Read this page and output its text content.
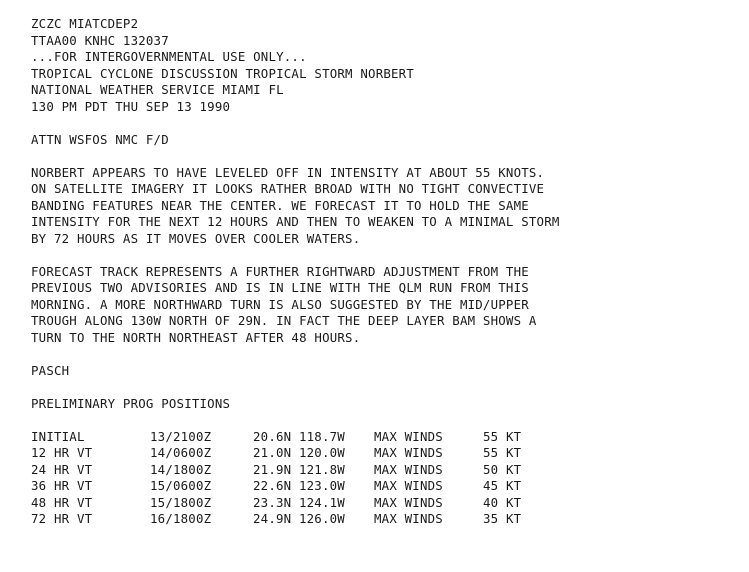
ZCZC MIATCDEP2
TTAA00 KNHC 132037
...FOR INTERGOVERNMENTAL USE ONLY...
TROPICAL CYCLONE DISCUSSION TROPICAL STORM NORBERT
NATIONAL WEATHER SERVICE MIAMI FL
130 PM PDT THU SEP 13 1990
ATTN WSFOS NMC F/D
NORBERT APPEARS TO HAVE LEVELED OFF IN INTENSITY AT ABOUT 55 KNOTS.
ON SATELLITE IMAGERY IT LOOKS RATHER BROAD WITH NO TIGHT CONVECTIVE
BANDING FEATURES NEAR THE CENTER. WE FORECAST IT TO HOLD THE SAME
INTENSITY FOR THE NEXT 12 HOURS AND THEN TO WEAKEN TO A MINIMAL STORM
BY 72 HOURS AS IT MOVES OVER COOLER WATERS.
FORECAST TRACK REPRESENTS A FURTHER RIGHTWARD ADJUSTMENT FROM THE
PREVIOUS TWO ADVISORIES AND IS IN LINE WITH THE QLM RUN FROM THIS
MORNING. A MORE NORTHWARD TURN IS ALSO SUGGESTED BY THE MID/UPPER
TROUGH ALONG 130W NORTH OF 29N. IN FACT THE DEEP LAYER BAM SHOWS A
TURN TO THE NORTH NORTHEAST AFTER 48 HOURS.
PASCH
PRELIMINARY PROG POSITIONS
INITIAL	13/2100Z	20.6N 118.7W	MAX WINDS	55 KT
12 HR VT	14/0600Z	21.0N 120.0W	MAX WINDS	55 KT
24 HR VT	14/1800Z	21.9N 121.8W	MAX WINDS	50 KT
36 HR VT	15/0600Z	22.6N 123.0W	MAX WINDS	45 KT
48 HR VT	15/1800Z	23.3N 124.1W	MAX WINDS	40 KT
72 HR VT	16/1800Z	24.9N 126.0W	MAX WINDS	35 KT
